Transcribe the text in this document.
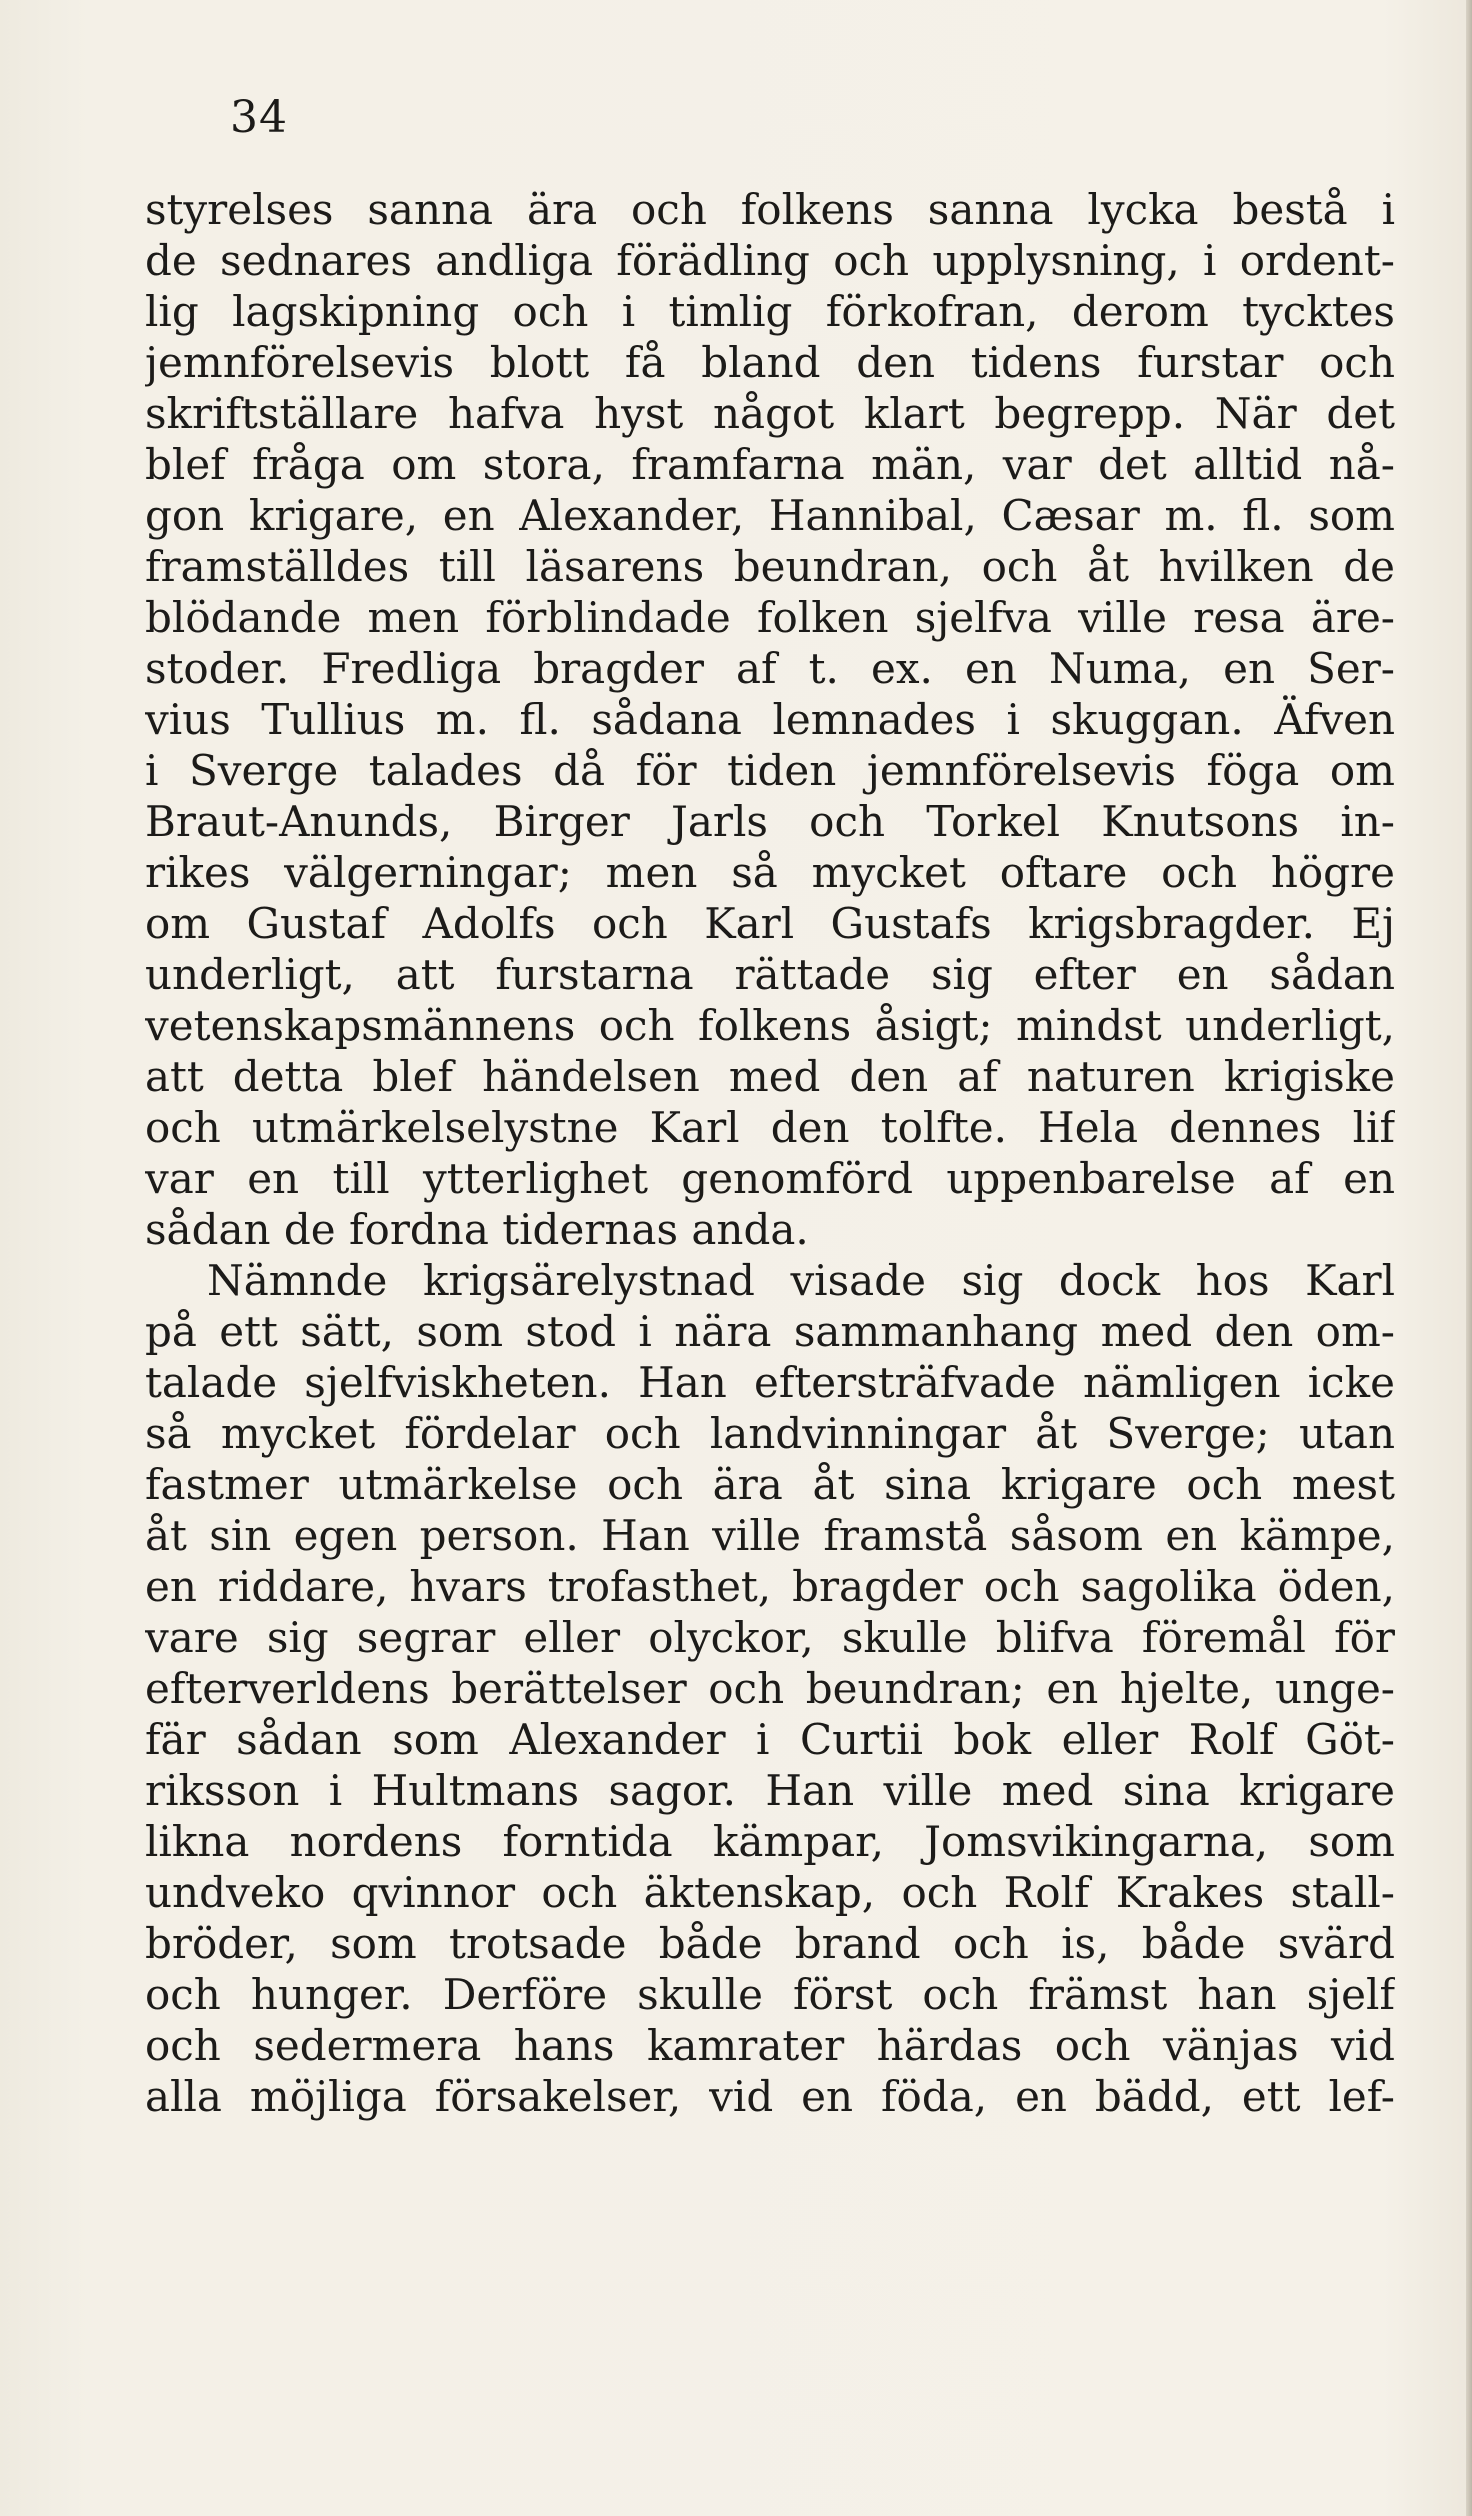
34
styrelses sanna ära och folkens sanna lycka bestå i
de sednares andliga förädling och upplysning, i ordent-
lig lagskipning och i timlig förkofran, derom tycktes
jemnförelsevis blott få bland den tidens furstar och
skriftställare hafva hyst något klart begrepp. När det
blef fråga om stora, framfarna män, var det alltid nå-
gon krigare, en Alexander, Hannibal, Cæsar m. fl. som
framställdes till läsarens beundran, och åt hvilken de
blödande men förblindade folken sjelfva ville resa äre-
stoder. Fredliga bragder af t. ex. en Numa, en Ser-
vius Tullius m. fl. sådana lemnades i skuggan. Äfven
i Sverge talades då för tiden jemnförelsevis föga om
Braut-Anunds, Birger Jarls och Torkel Knutsons in-
rikes välgerningar; men så mycket oftare och högre
om Gustaf Adolfs och Karl Gustafs krigsbragder. Ej
underligt, att furstarna rättade sig efter en sådan
vetenskapsmännens och folkens åsigt; mindst underligt,
att detta blef händelsen med den af naturen krigiske
och utmärkelselystne Karl den tolfte. Hela dennes lif
var en till ytterlighet genomförd uppenbarelse af en
sådan de fordna tidernas anda.
Nämnde krigsärelystnad visade sig dock hos Karl
på ett sätt, som stod i nära sammanhang med den om-
talade sjelfviskheten. Han eftersträfvade nämligen icke
så mycket fördelar och landvinningar åt Sverge; utan
fastmer utmärkelse och ära åt sina krigare och mest
åt sin egen person. Han ville framstå såsom en kämpe,
en riddare, hvars trofasthet, bragder och sagolika öden,
vare sig segrar eller olyckor, skulle blifva föremål för
efterverldens berättelser och beundran; en hjelte, unge-
fär sådan som Alexander i Curtii bok eller Rolf Göt-
riksson i Hultmans sagor. Han ville med sina krigare
likna nordens forntida kämpar, Jomsvikingarna, som
undveko qvinnor och äktenskap, och Rolf Krakes stall-
bröder, som trotsade både brand och is, både svärd
och hunger. Derföre skulle först och främst han sjelf
och sedermera hans kamrater härdas och vänjas vid
alla möjliga försakelser, vid en föda, en bädd, ett lef-
